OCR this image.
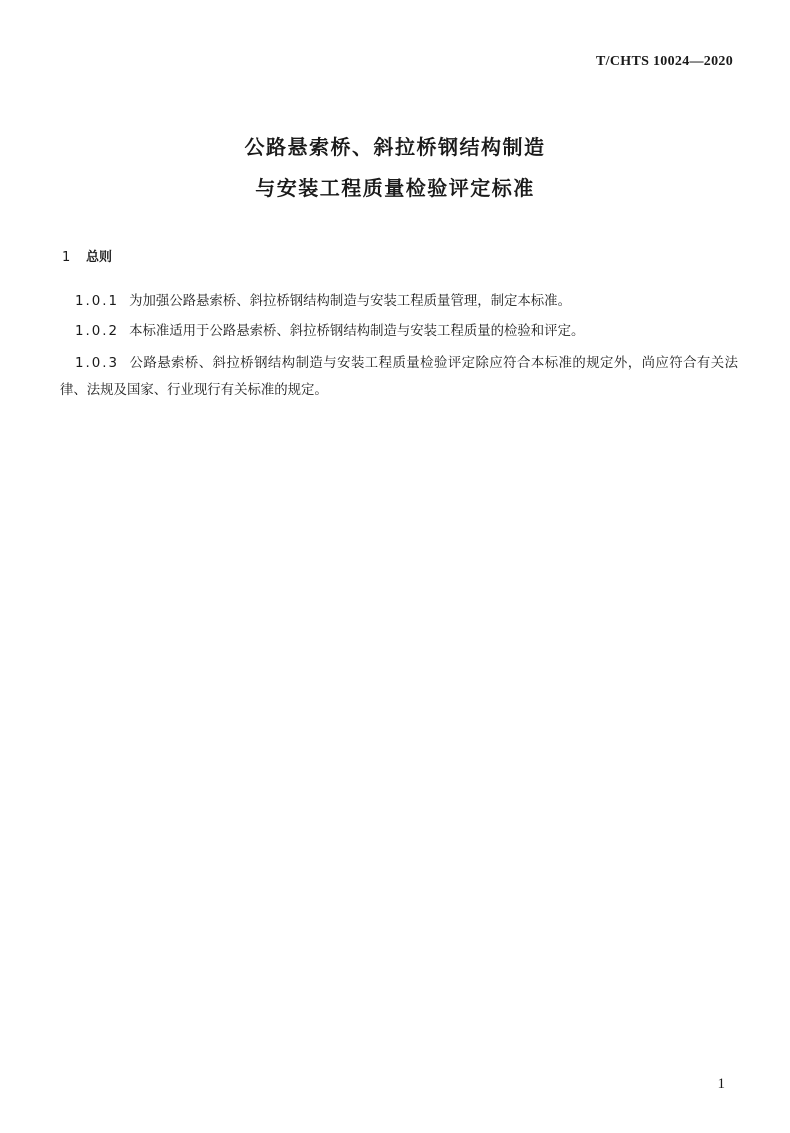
T/CHTS 10024—2020
公路悬索桥、斜拉桥钢结构制造
与安装工程质量检验评定标准
1 总则
1.0.1 为加强公路悬索桥、斜拉桥钢结构制造与安装工程质量管理，制定本标准。
1.0.2 本标准适用于公路悬索桥、斜拉桥钢结构制造与安装工程质量的检验和评定。
1.0.3 公路悬索桥、斜拉桥钢结构制造与安装工程质量检验评定除应符合本标准的规定外，尚应符合有关法律、法规及国家、行业现行有关标准的规定。
1
